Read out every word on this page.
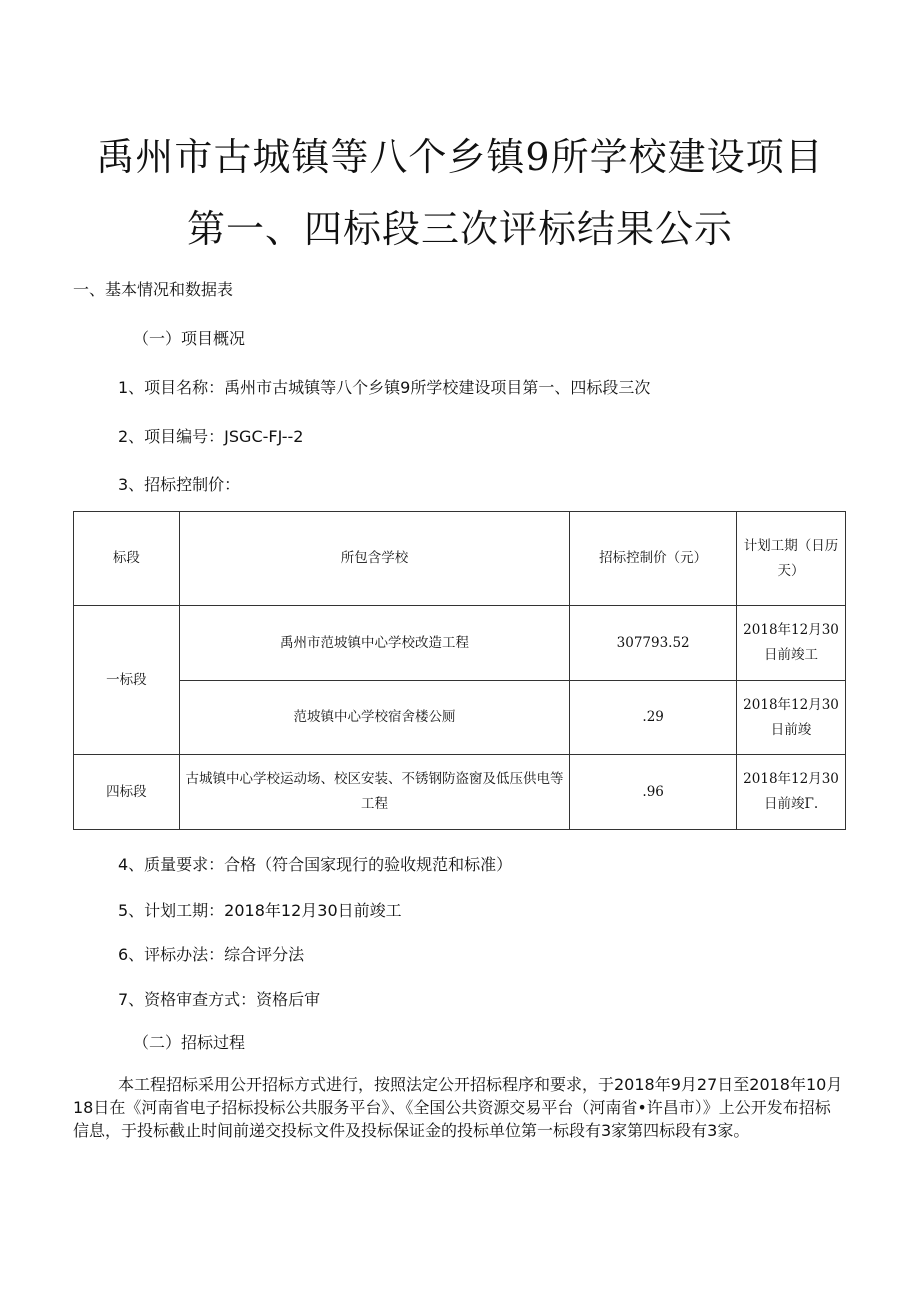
禹州市古城镇等八个乡镇9所学校建设项目
第一、四标段三次评标结果公示
一、基本情况和数据表
（一）项目概况
1、项目名称：禹州市古城镇等八个乡镇9所学校建设项目第一、四标段三次
2、项目编号：JSGC-FJ--2
3、招标控制价：
标段	所包含学校	招标控制价（元）	计划工期（日历天）
一标段	禹州市范坡镇中心学校改造工程	307793.52	2018年12月30日前竣工
	范坡镇中心学校宿舍楼公厕	.29	2018年12月30日前竣
四标段	古城镇中心学校运动场、校区安装、不锈钢防盗窗及低压供电等工程	.96	2018年12月30日前竣Γ.
4、质量要求：合格（符合国家现行的验收规范和标准）
5、计划工期：2018年12月30日前竣工
6、评标办法：综合评分法
7、资格审查方式：资格后审
（二）招标过程
本工程招标采用公开招标方式进行，按照法定公开招标程序和要求，于2018年9月27日至2018年10月18日在《河南省电子招标投标公共服务平台》、《全国公共资源交易平台（河南省•许昌市）》上公开发布招标信息，于投标截止时间前递交投标文件及投标保证金的投标单位第一标段有3家第四标段有3家。
